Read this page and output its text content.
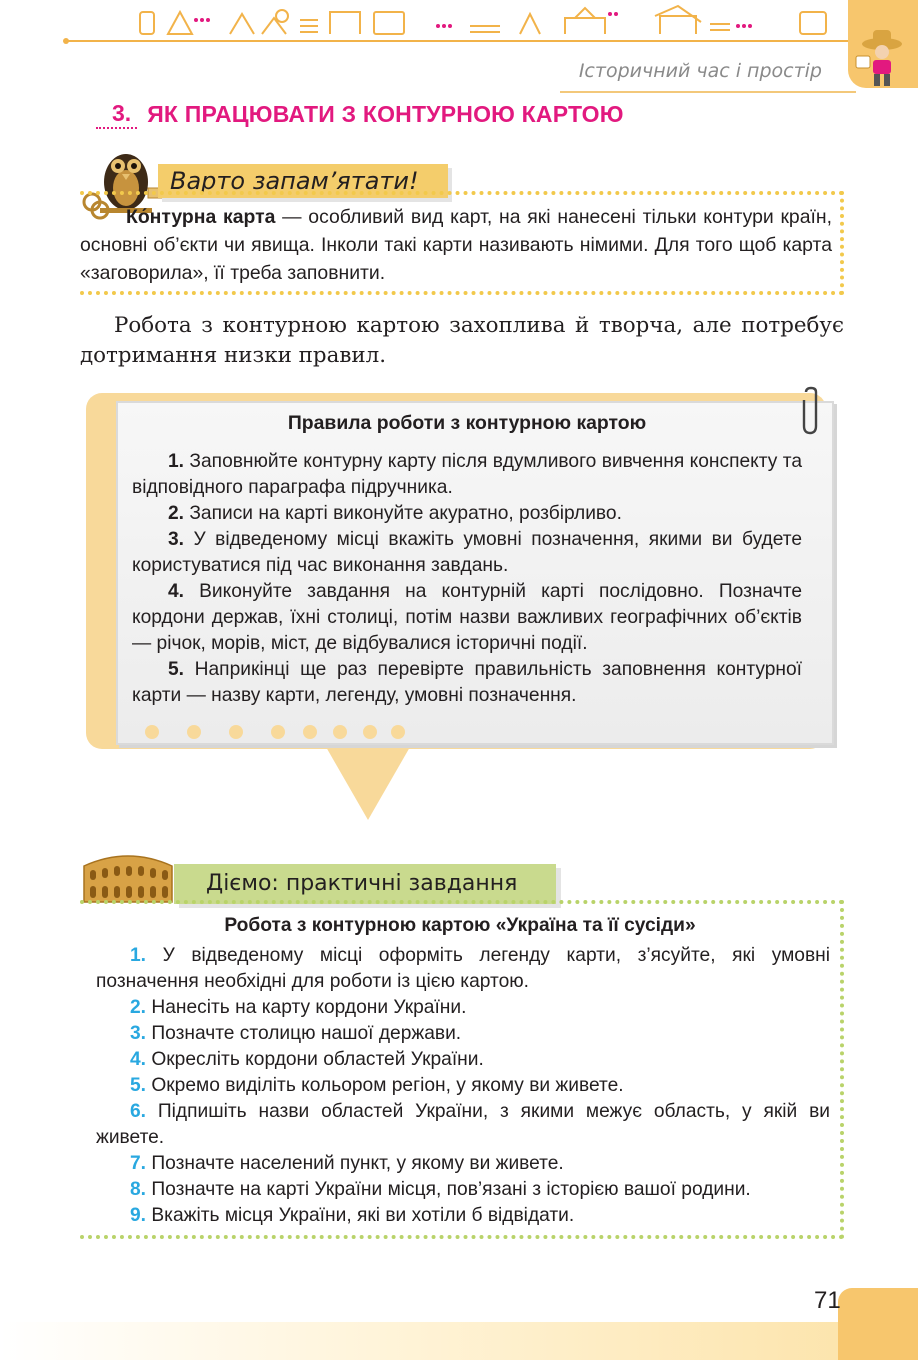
Історичний час і простір
3. ЯК ПРАЦЮВАТИ З КОНТУРНОЮ КАРТОЮ
Варто запам’ятати!
Ко́нтурна карта — особливий вид карт, на які нанесені тільки контури країн, основні об’єкти чи явища. Інколи такі карти називають німими. Для того щоб карта «заговорила», її треба заповнити.
Робота з контурною картою захоплива й творча, але потребує дотримання низки правил.
Правила роботи з контурною картою

1. Заповнюйте контурну карту після вдумливого вивчення конспекту та відповідного параграфа підручника.

2. Записи на карті виконуйте акуратно, розбірливо.

3. У відведеному місці вкажіть умовні позначення, якими ви будете користуватися під час виконання завдань.

4. Виконуйте завдання на контурній карті послідовно. Позначте кордони держав, їхні столиці, потім назви важливих географічних об’єктів — річок, морів, міст, де відбувалися історичні події.

5. Наприкінці ще раз перевірте правильність заповнення контурної карти — назву карти, легенду, умовні позначення.

Діємо: практичні завдання
Робота з контурною картою «Україна та її сусіди»

1. У відведеному місці оформіть легенду карти, з’ясуйте, які умовні позначення необхідні для роботи із цією картою.

2. Нанесіть на карту кордони України.

3. Позначте столицю нашої держави.

4. Окресліть кордони областей України.

5. Окремо виділіть кольором регіон, у якому ви живете.

6. Підпишіть назви областей України, з якими межує область, у якій ви живете.

7. Позначте населений пункт, у якому ви живете.

8. Позначте на карті України місця, пов’язані з історією вашої родини.

9. Вкажіть місця України, які ви хотіли б відвідати.

71
